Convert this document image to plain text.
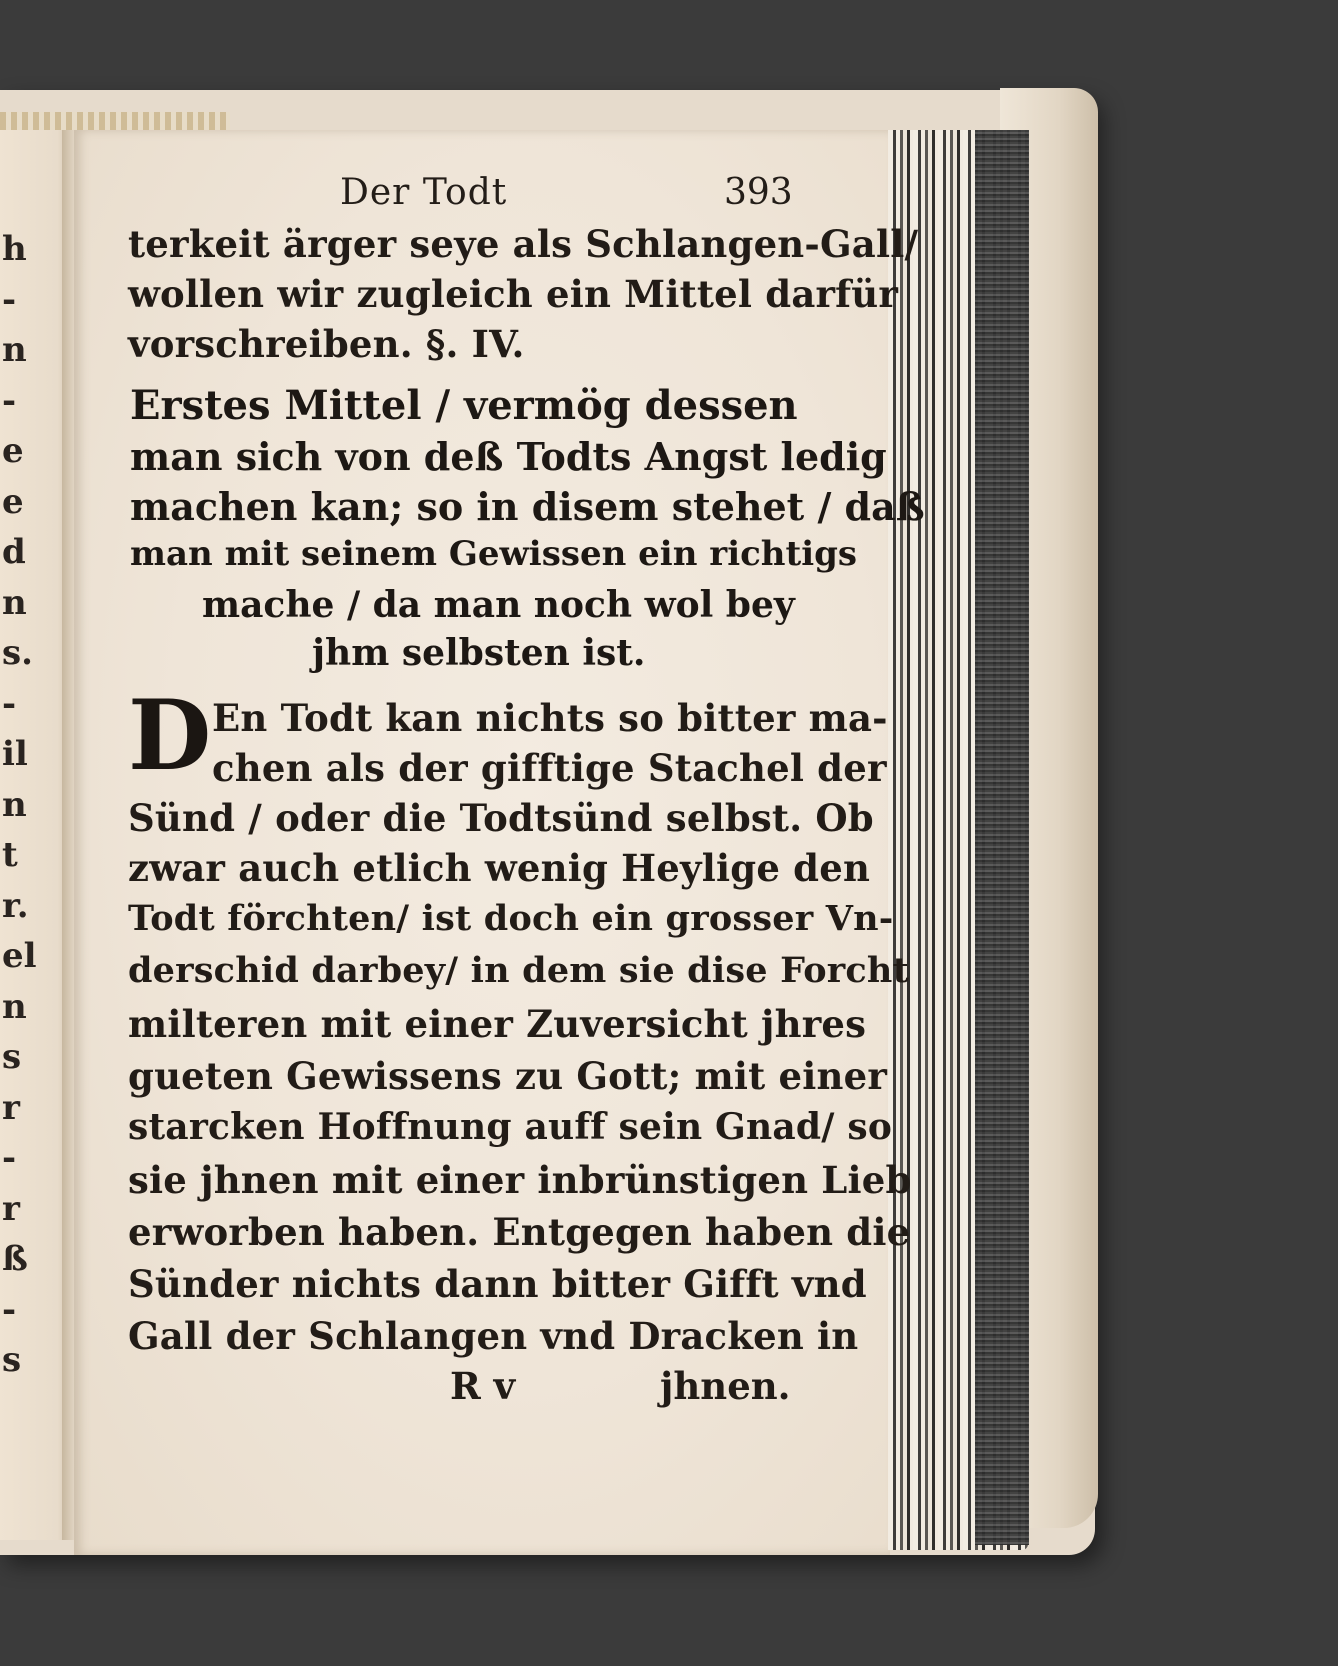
h
-
n
-
e
e
d
n
s.
-
il
n
t
r.
el
n
s
r
-
r
ß
-
s
Der Todt	393
terkeit ärger seye als Schlangen-Gall/
wollen wir zugleich ein Mittel darfür
vorschreiben. §. IV.
Erstes Mittel / vermög dessen
man sich von deß Todts Angst ledig
machen kan; so in disem stehet / daß
man mit seinem Gewissen ein richtigs
mache / da man noch wol bey
jhm selbsten ist.
D En Todt kan nichts so bitter ma-
chen als der gifftige Stachel der
Sünd / oder die Todtsünd selbst. Ob
zwar auch etlich wenig Heylige den
Todt förchten/ ist doch ein grosser Vn-
derschid darbey/ in dem sie dise Forcht
milteren mit einer Zuversicht jhres
gueten Gewissens zu Gott; mit einer
starcken Hoffnung auff sein Gnad/ so
sie jhnen mit einer inbrünstigen Lieb
erworben haben. Entgegen haben die
Sünder nichts dann bitter Gifft vnd
Gall der Schlangen vnd Dracken in
R v	jhnen.
